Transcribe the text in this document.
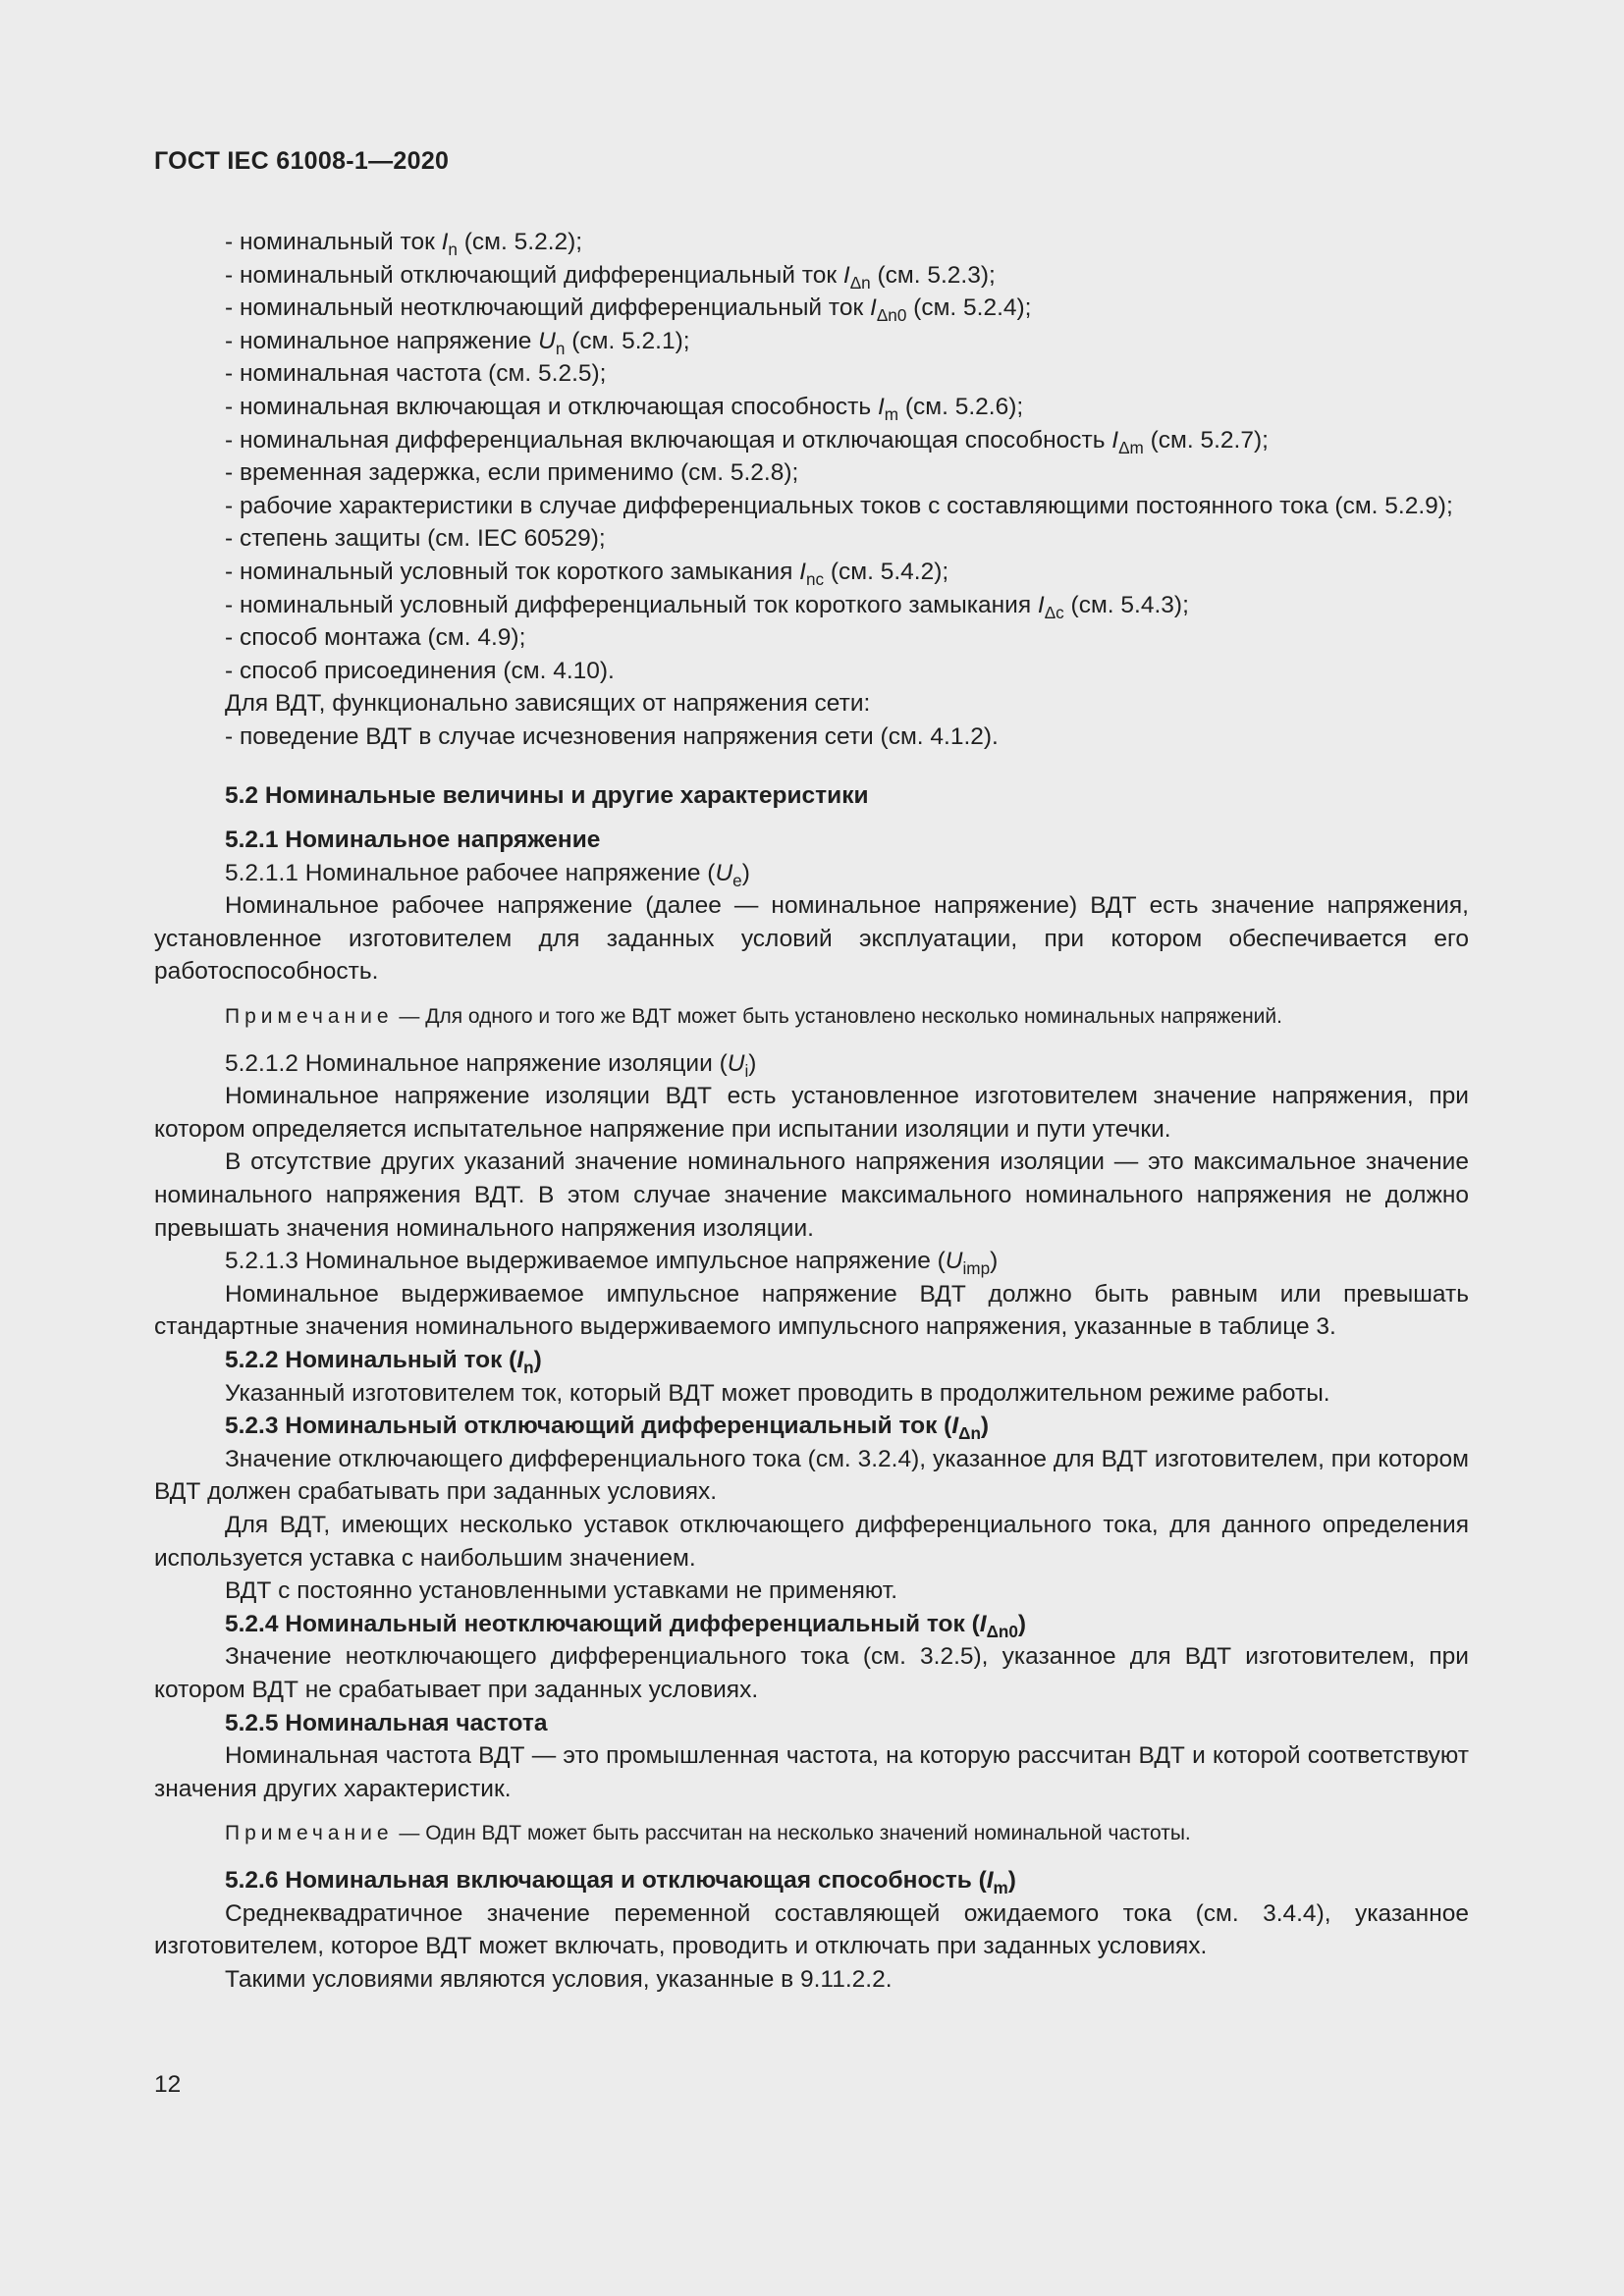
ГОСТ IEC 61008-1—2020

- номинальный ток $I_n$ (см. 5.2.2);

- номинальный отключающий дифференциальный ток $I_{\Delta n}$ (см. 5.2.3);

- номинальный неотключающий дифференциальный ток $I_{\Delta n0}$ (см. 5.2.4);

- номинальное напряжение $U_n$ (см. 5.2.1);

- номинальная частота (см. 5.2.5);

- номинальная включающая и отключающая способность $I_m$ (см. 5.2.6);

- номинальная дифференциальная включающая и отключающая способность $I_{\Delta m}$ (см. 5.2.7);

- временная задержка, если применимо (см. 5.2.8);

- рабочие характеристики в случае дифференциальных токов с составляющими постоянного тока (см. 5.2.9);

- степень защиты (см. IEC 60529);

- номинальный условный ток короткого замыкания $I_{nc}$ (см. 5.4.2);

- номинальный условный дифференциальный ток короткого замыкания $I_{\Delta c}$ (см. 5.4.3);

- способ монтажа (см. 4.9);

- способ присоединения (см. 4.10).

Для ВДТ, функционально зависящих от напряжения сети:

- поведение ВДТ в случае исчезновения напряжения сети (см. 4.1.2).

5.2 Номинальные величины и другие характеристики

5.2.1 Номинальное напряжение

5.2.1.1 Номинальное рабочее напряжение $(U_e)$

Номинальное рабочее напряжение (далее — номинальное напряжение) ВДТ есть значение напряжения, установленное изготовителем для заданных условий эксплуатации, при котором обеспечивается его работоспособность.

Примечание — Для одного и того же ВДТ может быть установлено несколько номинальных напряжений.

5.2.1.2 Номинальное напряжение изоляции $(U_i)$

Номинальное напряжение изоляции ВДТ есть установленное изготовителем значение напряжения, при котором определяется испытательное напряжение при испытании изоляции и пути утечки.

В отсутствие других указаний значение номинального напряжения изоляции — это максимальное значение номинального напряжения ВДТ. В этом случае значение максимального номинального напряжения не должно превышать значения номинального напряжения изоляции.

5.2.1.3 Номинальное выдерживаемое импульсное напряжение $(U_{imp})$

Номинальное выдерживаемое импульсное напряжение ВДТ должно быть равным или превышать стандартные значения номинального выдерживаемого импульсного напряжения, указанные в таблице 3.

5.2.2 Номинальный ток $(I_n)$

Указанный изготовителем ток, который ВДТ может проводить в продолжительном режиме работы.

5.2.3 Номинальный отключающий дифференциальный ток $(I_{\Delta n})$

Значение отключающего дифференциального тока (см. 3.2.4), указанное для ВДТ изготовителем, при котором ВДТ должен срабатывать при заданных условиях.

Для ВДТ, имеющих несколько уставок отключающего дифференциального тока, для данного определения используется уставка с наибольшим значением.

ВДТ с постоянно установленными уставками не применяют.

5.2.4 Номинальный неотключающий дифференциальный ток $(I_{\Delta n0})$

Значение неотключающего дифференциального тока (см. 3.2.5), указанное для ВДТ изготовителем, при котором ВДТ не срабатывает при заданных условиях.

5.2.5 Номинальная частота

Номинальная частота ВДТ — это промышленная частота, на которую рассчитан ВДТ и которой соответствуют значения других характеристик.

Примечание — Один ВДТ может быть рассчитан на несколько значений номинальной частоты.

5.2.6 Номинальная включающая и отключающая способность $(I_m)$

Среднеквадратичное значение переменной составляющей ожидаемого тока (см. 3.4.4), указанное изготовителем, которое ВДТ может включать, проводить и отключать при заданных условиях.

Такими условиями являются условия, указанные в 9.11.2.2.

12
